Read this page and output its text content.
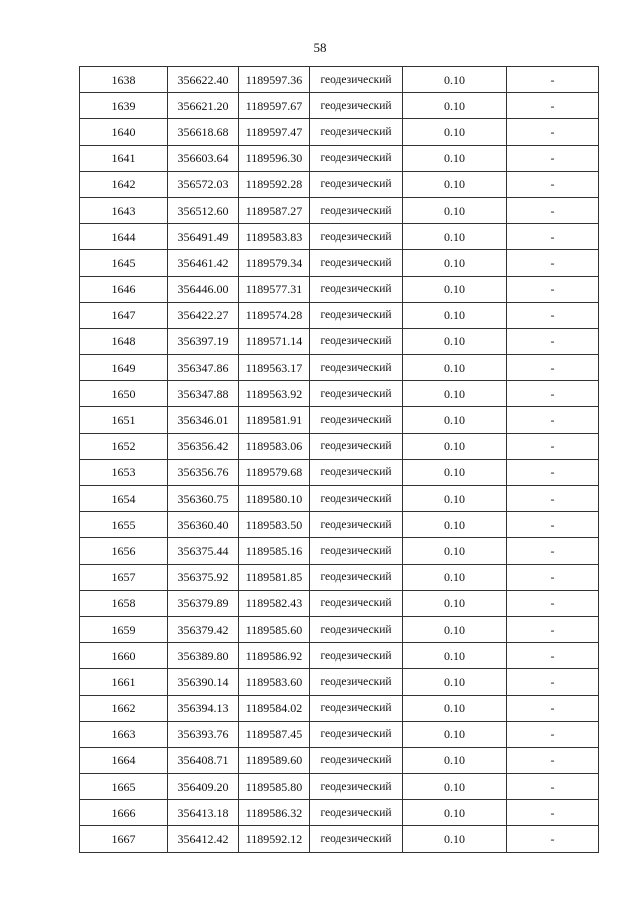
58
1638	356622.40	1189597.36	геодезический	0.10	-
1639	356621.20	1189597.67	геодезический	0.10	-
1640	356618.68	1189597.47	геодезический	0.10	-
1641	356603.64	1189596.30	геодезический	0.10	-
1642	356572.03	1189592.28	геодезический	0.10	-
1643	356512.60	1189587.27	геодезический	0.10	-
1644	356491.49	1189583.83	геодезический	0.10	-
1645	356461.42	1189579.34	геодезический	0.10	-
1646	356446.00	1189577.31	геодезический	0.10	-
1647	356422.27	1189574.28	геодезический	0.10	-
1648	356397.19	1189571.14	геодезический	0.10	-
1649	356347.86	1189563.17	геодезический	0.10	-
1650	356347.88	1189563.92	геодезический	0.10	-
1651	356346.01	1189581.91	геодезический	0.10	-
1652	356356.42	1189583.06	геодезический	0.10	-
1653	356356.76	1189579.68	геодезический	0.10	-
1654	356360.75	1189580.10	геодезический	0.10	-
1655	356360.40	1189583.50	геодезический	0.10	-
1656	356375.44	1189585.16	геодезический	0.10	-
1657	356375.92	1189581.85	геодезический	0.10	-
1658	356379.89	1189582.43	геодезический	0.10	-
1659	356379.42	1189585.60	геодезический	0.10	-
1660	356389.80	1189586.92	геодезический	0.10	-
1661	356390.14	1189583.60	геодезический	0.10	-
1662	356394.13	1189584.02	геодезический	0.10	-
1663	356393.76	1189587.45	геодезический	0.10	-
1664	356408.71	1189589.60	геодезический	0.10	-
1665	356409.20	1189585.80	геодезический	0.10	-
1666	356413.18	1189586.32	геодезический	0.10	-
1667	356412.42	1189592.12	геодезический	0.10	-
